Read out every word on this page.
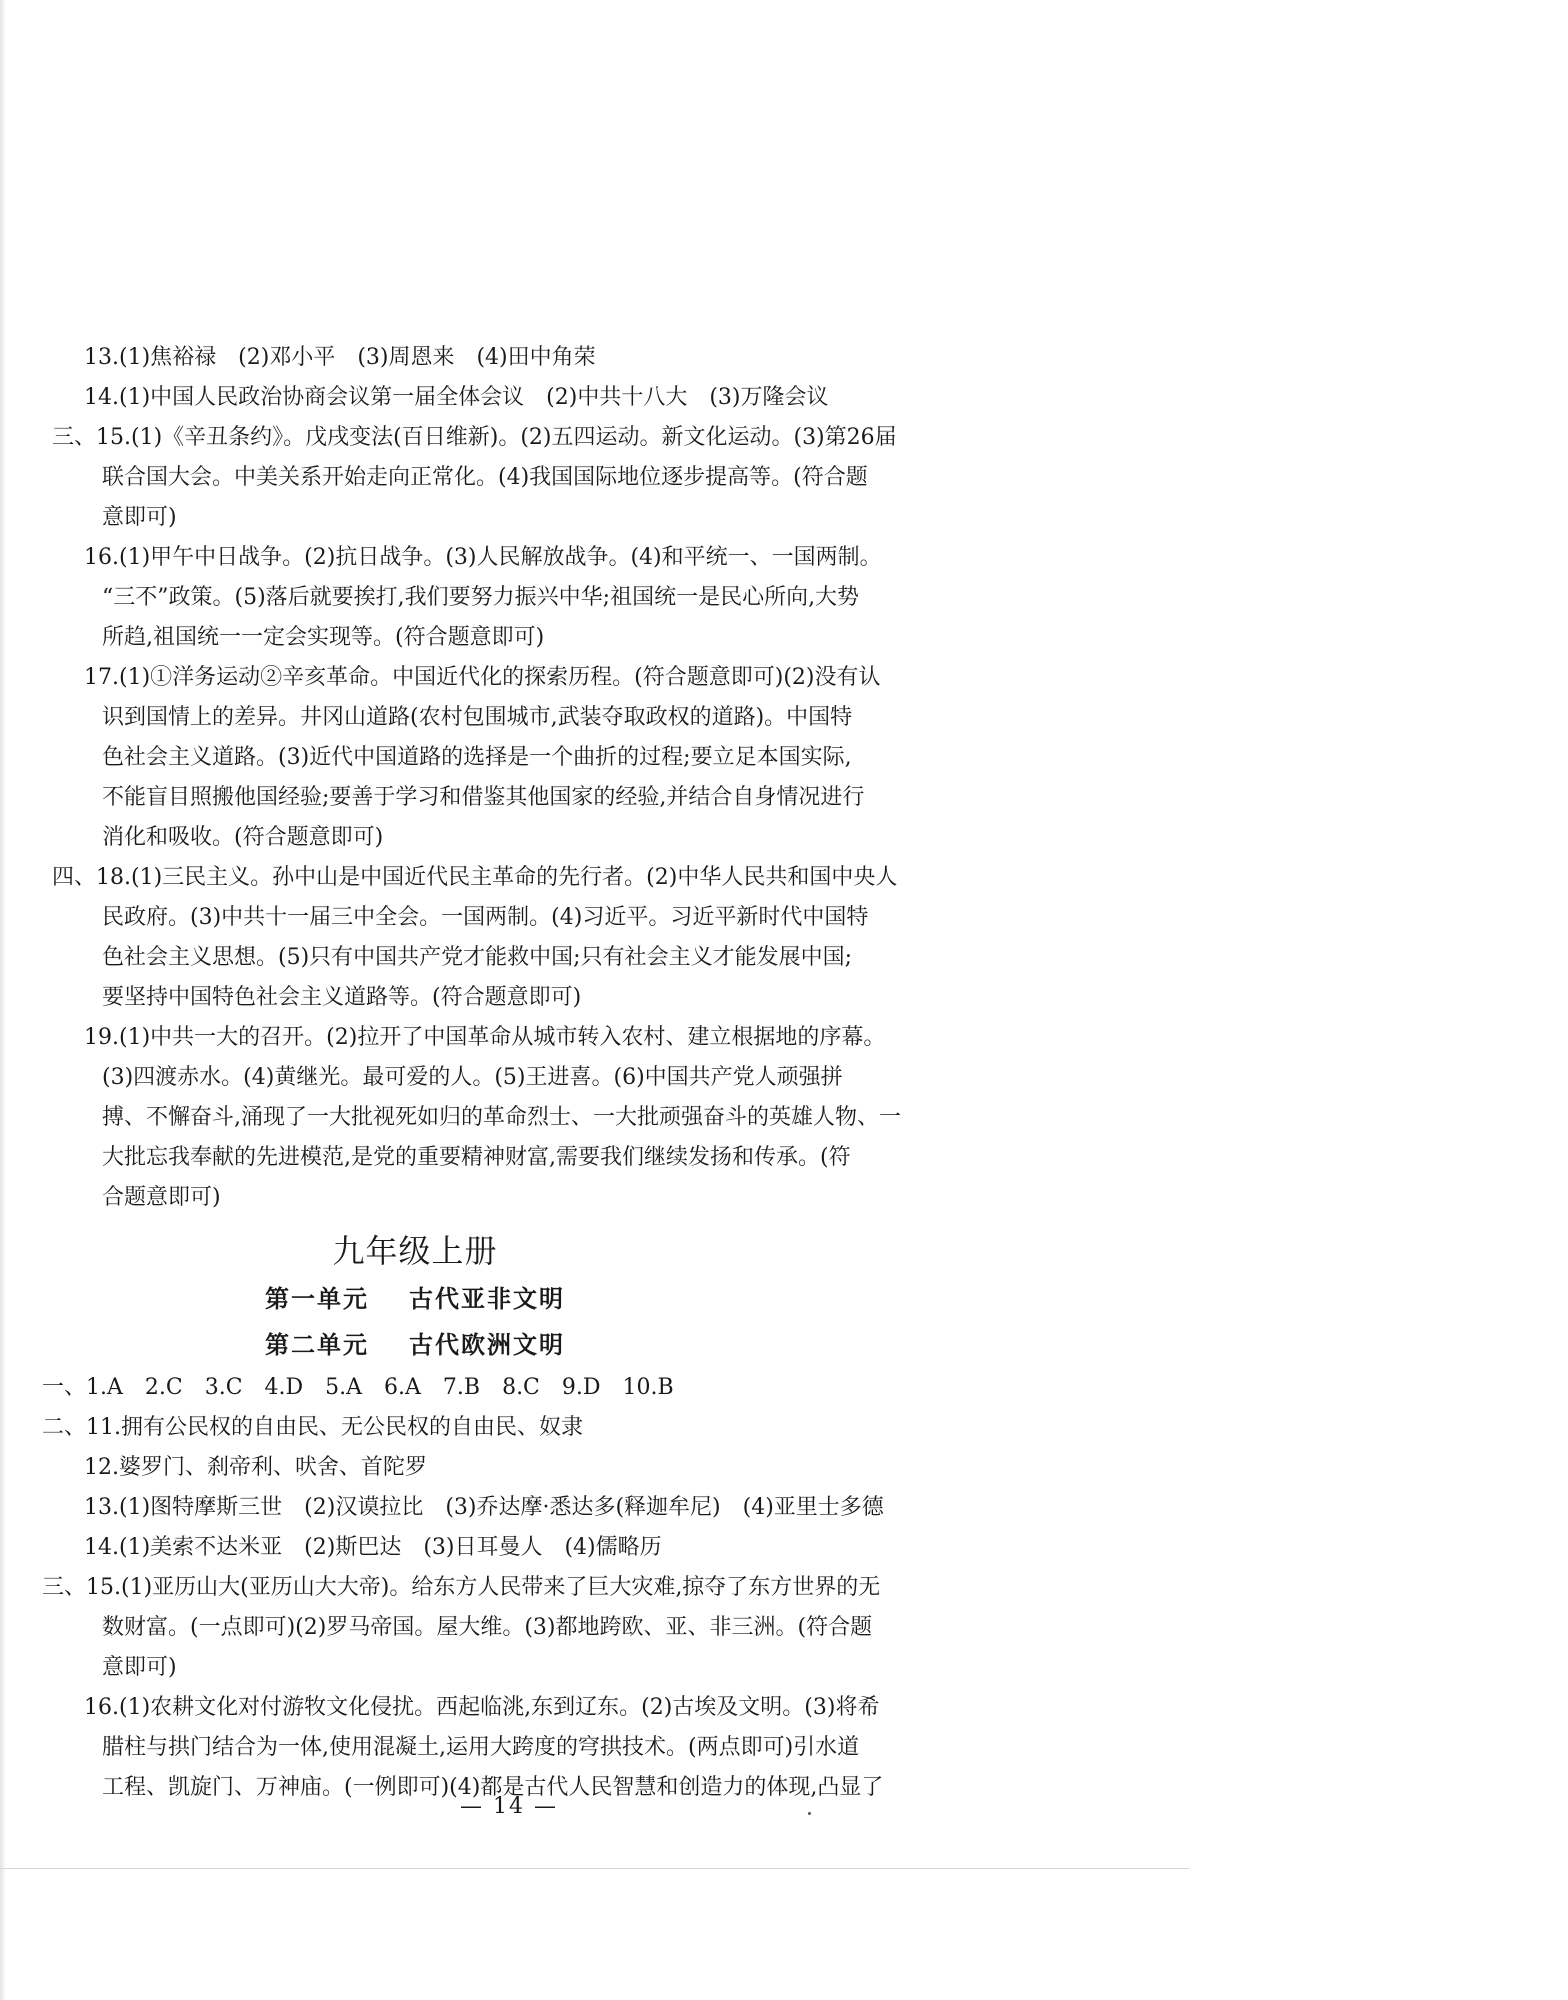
13.(1)焦裕禄　(2)邓小平　(3)周恩来　(4)田中角荣
14.(1)中国人民政治协商会议第一届全体会议　(2)中共十八大　(3)万隆会议
三、15.(1)《辛丑条约》。戊戌变法(百日维新)。(2)五四运动。新文化运动。(3)第26届
联合国大会。中美关系开始走向正常化。(4)我国国际地位逐步提高等。(符合题
意即可)
16.(1)甲午中日战争。(2)抗日战争。(3)人民解放战争。(4)和平统一、一国两制。
“三不”政策。(5)落后就要挨打,我们要努力振兴中华;祖国统一是民心所向,大势
所趋,祖国统一一定会实现等。(符合题意即可)
17.(1)①洋务运动②辛亥革命。中国近代化的探索历程。(符合题意即可)(2)没有认
识到国情上的差异。井冈山道路(农村包围城市,武装夺取政权的道路)。中国特
色社会主义道路。(3)近代中国道路的选择是一个曲折的过程;要立足本国实际,
不能盲目照搬他国经验;要善于学习和借鉴其他国家的经验,并结合自身情况进行
消化和吸收。(符合题意即可)
四、18.(1)三民主义。孙中山是中国近代民主革命的先行者。(2)中华人民共和国中央人
民政府。(3)中共十一届三中全会。一国两制。(4)习近平。习近平新时代中国特
色社会主义思想。(5)只有中国共产党才能救中国;只有社会主义才能发展中国;
要坚持中国特色社会主义道路等。(符合题意即可)
19.(1)中共一大的召开。(2)拉开了中国革命从城市转入农村、建立根据地的序幕。
(3)四渡赤水。(4)黄继光。最可爱的人。(5)王进喜。(6)中国共产党人顽强拼
搏、不懈奋斗,涌现了一大批视死如归的革命烈士、一大批顽强奋斗的英雄人物、一
大批忘我奉献的先进模范,是党的重要精神财富,需要我们继续发扬和传承。(符
合题意即可)
九年级上册
第一单元 古代亚非文明
第二单元 古代欧洲文明
一、1.A　2.C　3.C　4.D　5.A　6.A　7.B　8.C　9.D　10.B
二、11.拥有公民权的自由民、无公民权的自由民、奴隶
12.婆罗门、刹帝利、吠舍、首陀罗
13.(1)图特摩斯三世　(2)汉谟拉比　(3)乔达摩·悉达多(释迦牟尼)　(4)亚里士多德
14.(1)美索不达米亚　(2)斯巴达　(3)日耳曼人　(4)儒略历
三、15.(1)亚历山大(亚历山大大帝)。给东方人民带来了巨大灾难,掠夺了东方世界的无
数财富。(一点即可)(2)罗马帝国。屋大维。(3)都地跨欧、亚、非三洲。(符合题
意即可)
16.(1)农耕文化对付游牧文化侵扰。西起临洮,东到辽东。(2)古埃及文明。(3)将希
腊柱与拱门结合为一体,使用混凝土,运用大跨度的穹拱技术。(两点即可)引水道
工程、凯旋门、万神庙。(一例即可)(4)都是古代人民智慧和创造力的体现,凸显了
— 14 —
